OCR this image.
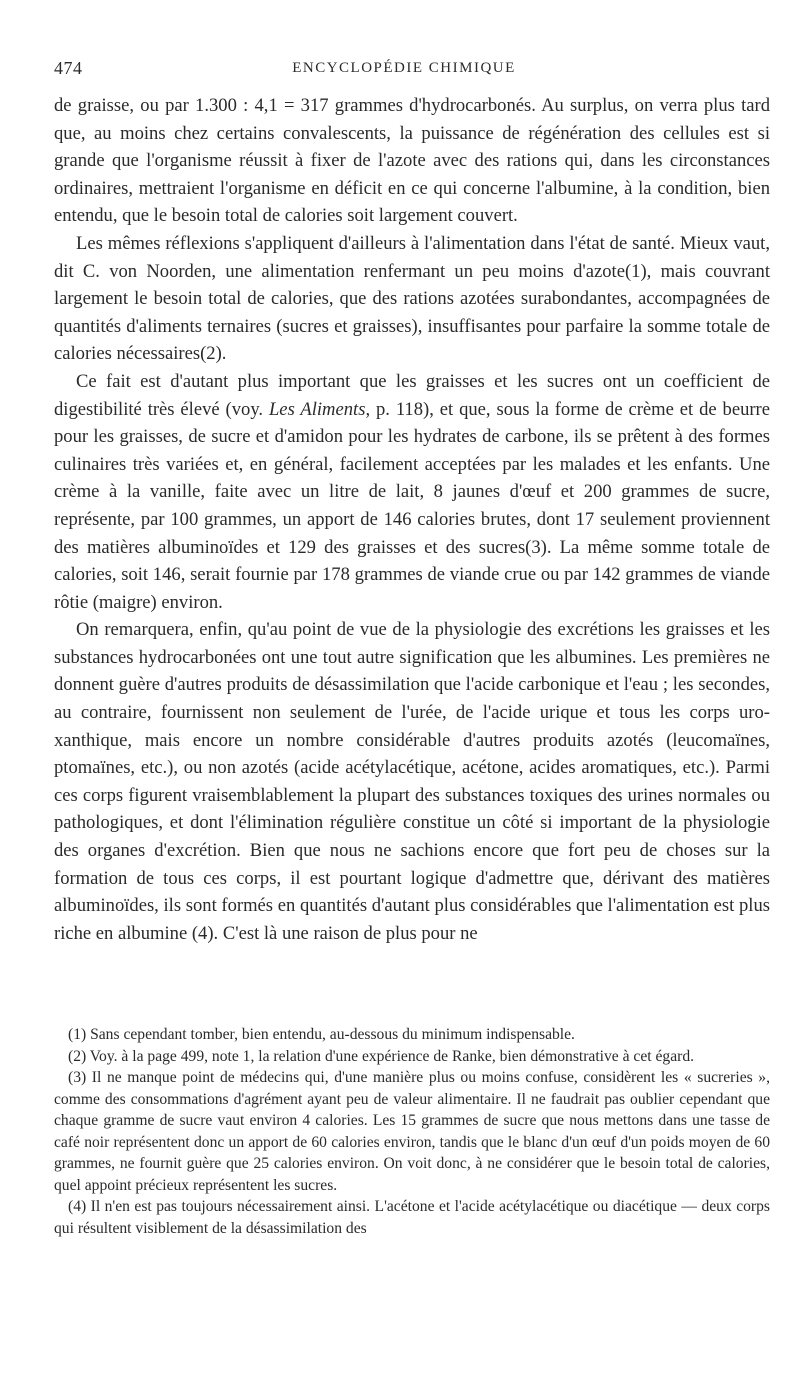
474	ENCYCLOPÉDIE CHIMIQUE

de graisse, ou par 1.300 : 4,1 = 317 grammes d'hydrocarbonés. Au surplus, on verra plus tard que, au moins chez certains convalescents, la puissance de régénération des cellules est si grande que l'organisme réussit à fixer de l'azote avec des rations qui, dans les circonstances ordinaires, mettraient l'organisme en déficit en ce qui concerne l'albumine, à la condition, bien entendu, que le besoin total de calories soit largement couvert.

Les mêmes réflexions s'appliquent d'ailleurs à l'alimentation dans l'état de santé. Mieux vaut, dit C. von Noorden, une alimentation renfermant un peu moins d'azote(1), mais couvrant largement le besoin total de calories, que des rations azotées surabondantes, accompagnées de quantités d'aliments ternaires (sucres et graisses), insuffisantes pour parfaire la somme totale de calories nécessaires(2).

Ce fait est d'autant plus important que les graisses et les sucres ont un coefficient de digestibilité très élevé (voy. Les Aliments, p. 118), et que, sous la forme de crème et de beurre pour les graisses, de sucre et d'amidon pour les hydrates de carbone, ils se prêtent à des formes culinaires très variées et, en général, facilement acceptées par les malades et les enfants. Une crème à la vanille, faite avec un litre de lait, 8 jaunes d'œuf et 200 grammes de sucre, représente, par 100 grammes, un apport de 146 calories brutes, dont 17 seulement proviennent des matières albuminoïdes et 129 des graisses et des sucres(3). La même somme totale de calories, soit 146, serait fournie par 178 grammes de viande crue ou par 142 grammes de viande rôtie (maigre) environ.

On remarquera, enfin, qu'au point de vue de la physiologie des excrétions les graisses et les substances hydrocarbonées ont une tout autre signification que les albumines. Les premières ne donnent guère d'autres produits de désassimilation que l'acide carbonique et l'eau ; les secondes, au contraire, fournissent non seulement de l'urée, de l'acide urique et tous les corps uro-xanthique, mais encore un nombre considérable d'autres produits azotés (leucomaïnes, ptomaïnes, etc.), ou non azotés (acide acétylacétique, acétone, acides aromatiques, etc.). Parmi ces corps figurent vraisemblablement la plupart des substances toxiques des urines normales ou pathologiques, et dont l'élimination régulière constitue un côté si important de la physiologie des organes d'excrétion. Bien que nous ne sachions encore que fort peu de choses sur la formation de tous ces corps, il est pourtant logique d'admettre que, dérivant des matières albuminoïdes, ils sont formés en quantités d'autant plus considérables que l'alimentation est plus riche en albumine (4). C'est là une raison de plus pour ne

(1) Sans cependant tomber, bien entendu, au-dessous du minimum indispensable.

(2) Voy. à la page 499, note 1, la relation d'une expérience de Ranke, bien démonstrative à cet égard.

(3) Il ne manque point de médecins qui, d'une manière plus ou moins confuse, considèrent les « sucreries », comme des consommations d'agrément ayant peu de valeur alimentaire. Il ne faudrait pas oublier cependant que chaque gramme de sucre vaut environ 4 calories. Les 15 grammes de sucre que nous mettons dans une tasse de café noir représentent donc un apport de 60 calories environ, tandis que le blanc d'un œuf d'un poids moyen de 60 grammes, ne fournit guère que 25 calories environ. On voit donc, à ne considérer que le besoin total de calories, quel appoint précieux représentent les sucres.

(4) Il n'en est pas toujours nécessairement ainsi. L'acétone et l'acide acétylacétique ou diacétique — deux corps qui résultent visiblement de la désassimilation des
